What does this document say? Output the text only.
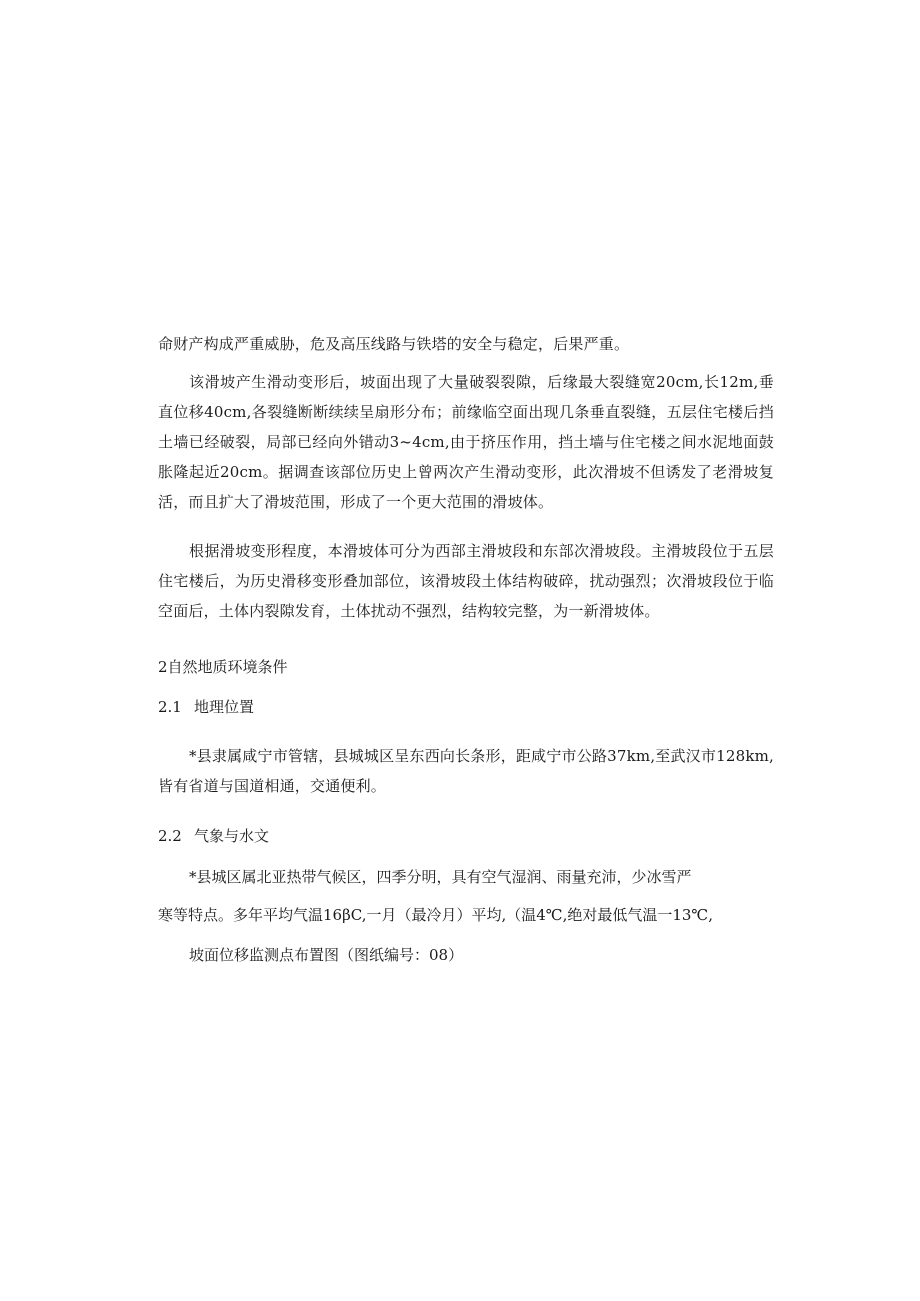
命财产构成严重威胁，危及高压线路与铁塔的安全与稳定，后果严重。

该滑坡产生滑动变形后，坡面出现了大量破裂裂隙，后缘最大裂缝宽20cm,长12m,垂直位移40cm,各裂缝断断续续呈扇形分布；前缘临空面出现几条垂直裂缝，五层住宅楼后挡土墙已经破裂，局部已经向外错动3~4cm,由于挤压作用，挡土墙与住宅楼之间水泥地面鼓胀隆起近20cm。据调查该部位历史上曾两次产生滑动变形，此次滑坡不但诱发了老滑坡复活，而且扩大了滑坡范围，形成了一个更大范围的滑坡体。

根据滑坡变形程度，本滑坡体可分为西部主滑坡段和东部次滑坡段。主滑坡段位于五层住宅楼后，为历史滑移变形叠加部位，该滑坡段土体结构破碎，扰动强烈；次滑坡段位于临空面后，土体内裂隙发育，土体扰动不强烈，结构较完整，为一新滑坡体。

2自然地质环境条件

2.1 地理位置

*县隶属咸宁市管辖，县城城区呈东西向长条形，距咸宁市公路37km,至武汉市128km,皆有省道与国道相通，交通便利。

2.2 气象与水文

*县城区属北亚热带气候区，四季分明，具有空气湿润、雨量充沛，少冰雪严

寒等特点。多年平均气温16βC,一月（最冷月）平均,（温4℃,绝对最低气温一13℃,

坡面位移监测点布置图（图纸编号：08）
